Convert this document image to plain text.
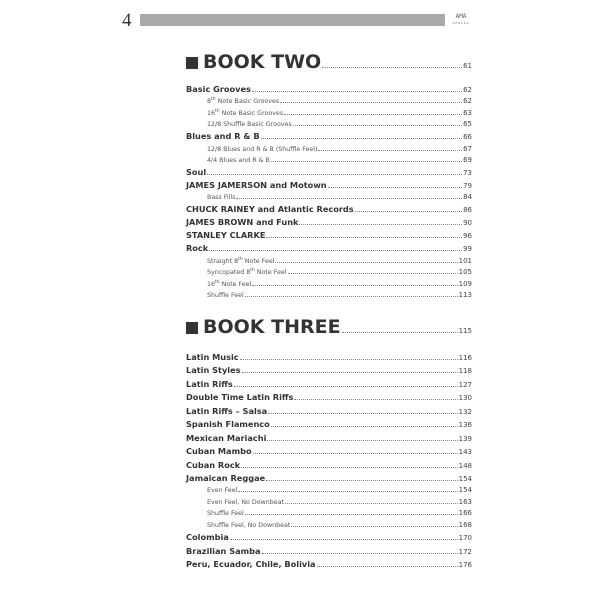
4	AMA
VERLAG
BOOK TWO	61
Basic Grooves	62
8th Note Basic Grooves	62
16th Note Basic Grooves	63
12/8 Shuffle Basic Grooves	65
Blues and R & B	66
12/8 Blues and R & B (Shuffle Feel)	67
4/4 Blues and R & B	69
Soul	73
JAMES JAMERSON and Motown	79
Bass Fills	84
CHUCK RAINEY and Atlantic Records	86
JAMES BROWN and Funk	90
STANLEY CLARKE	96
Rock	99
Straight 8th Note Feel	101
Syncopated 8th Note Feel	105
16th Note Feel	109
Shuffle Feel	113
BOOK THREE	115
Latin Music	116
Latin Styles	118
Latin Riffs	127
Double Time Latin Riffs	130
Latin Riffs – Salsa	132
Spanish Flamenco	136
Mexican Mariachi	139
Cuban Mambo	143
Cuban Rock	148
Jamaican Reggae	154
Even Feel	154
Even Feel, No Downbeat	163
Shuffle Feel	166
Shuffle Feel, No Downbeat	168
Colombia	170
Brazilian Samba	172
Peru, Ecuador, Chile, Bolivia	176
